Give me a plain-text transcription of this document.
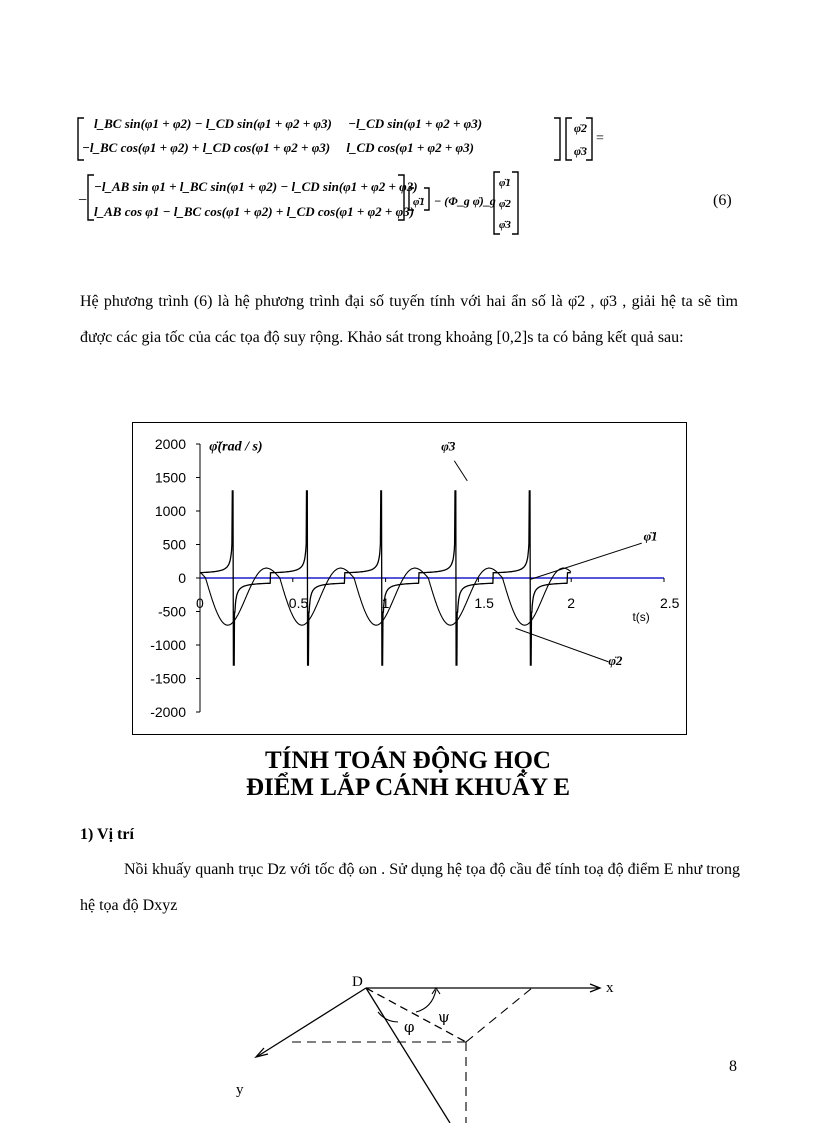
φ̈2
φ̈3
=
−	φ̈1 − (Φ_g φ̈)_g
φ̈1
φ̈2
φ̈3
l_BC sin(φ1 + φ2) − l_CD sin(φ1 + φ2 + φ3)     −l_CD sin(φ1 + φ2 + φ3)
−l_BC cos(φ1 + φ2) + l_CD cos(φ1 + φ2 + φ3)     l_CD cos(φ1 + φ2 + φ3)
−l_AB sin φ1 + l_BC sin(φ1 + φ2) − l_CD sin(φ1 + φ2 + φ3)
l_AB cos φ1 − l_BC cos(φ1 + φ2) + l_CD cos(φ1 + φ2 + φ3)
(6)
Hệ phương trình (6) là hệ phương trình đại số tuyến tính với hai ẩn số là φ̈2 , φ̈3 , giải hệ ta sẽ tìm được các gia tốc của các tọa độ suy rộng. Khảo sát trong khoảng [0,2]s ta có bảng kết quả sau:
2000
1500
1000
500
0
-500
-1000
-1500
-2000
0	0.5	1	1.5	2	2.5
t(s)
φ̈(rad / s)	φ̈3
φ̈1
φ̈2
TÍNH TOÁN ĐỘNG HỌC
ĐIỂM LẮP CÁNH KHUẤY E
1) Vị trí
Nồi khuấy quanh trục Dz với tốc độ ωn . Sử dụng hệ tọa độ cầu để tính toạ độ điểm E như trong hệ tọa độ Dxyz
D	x
y
φ
ψ
8
